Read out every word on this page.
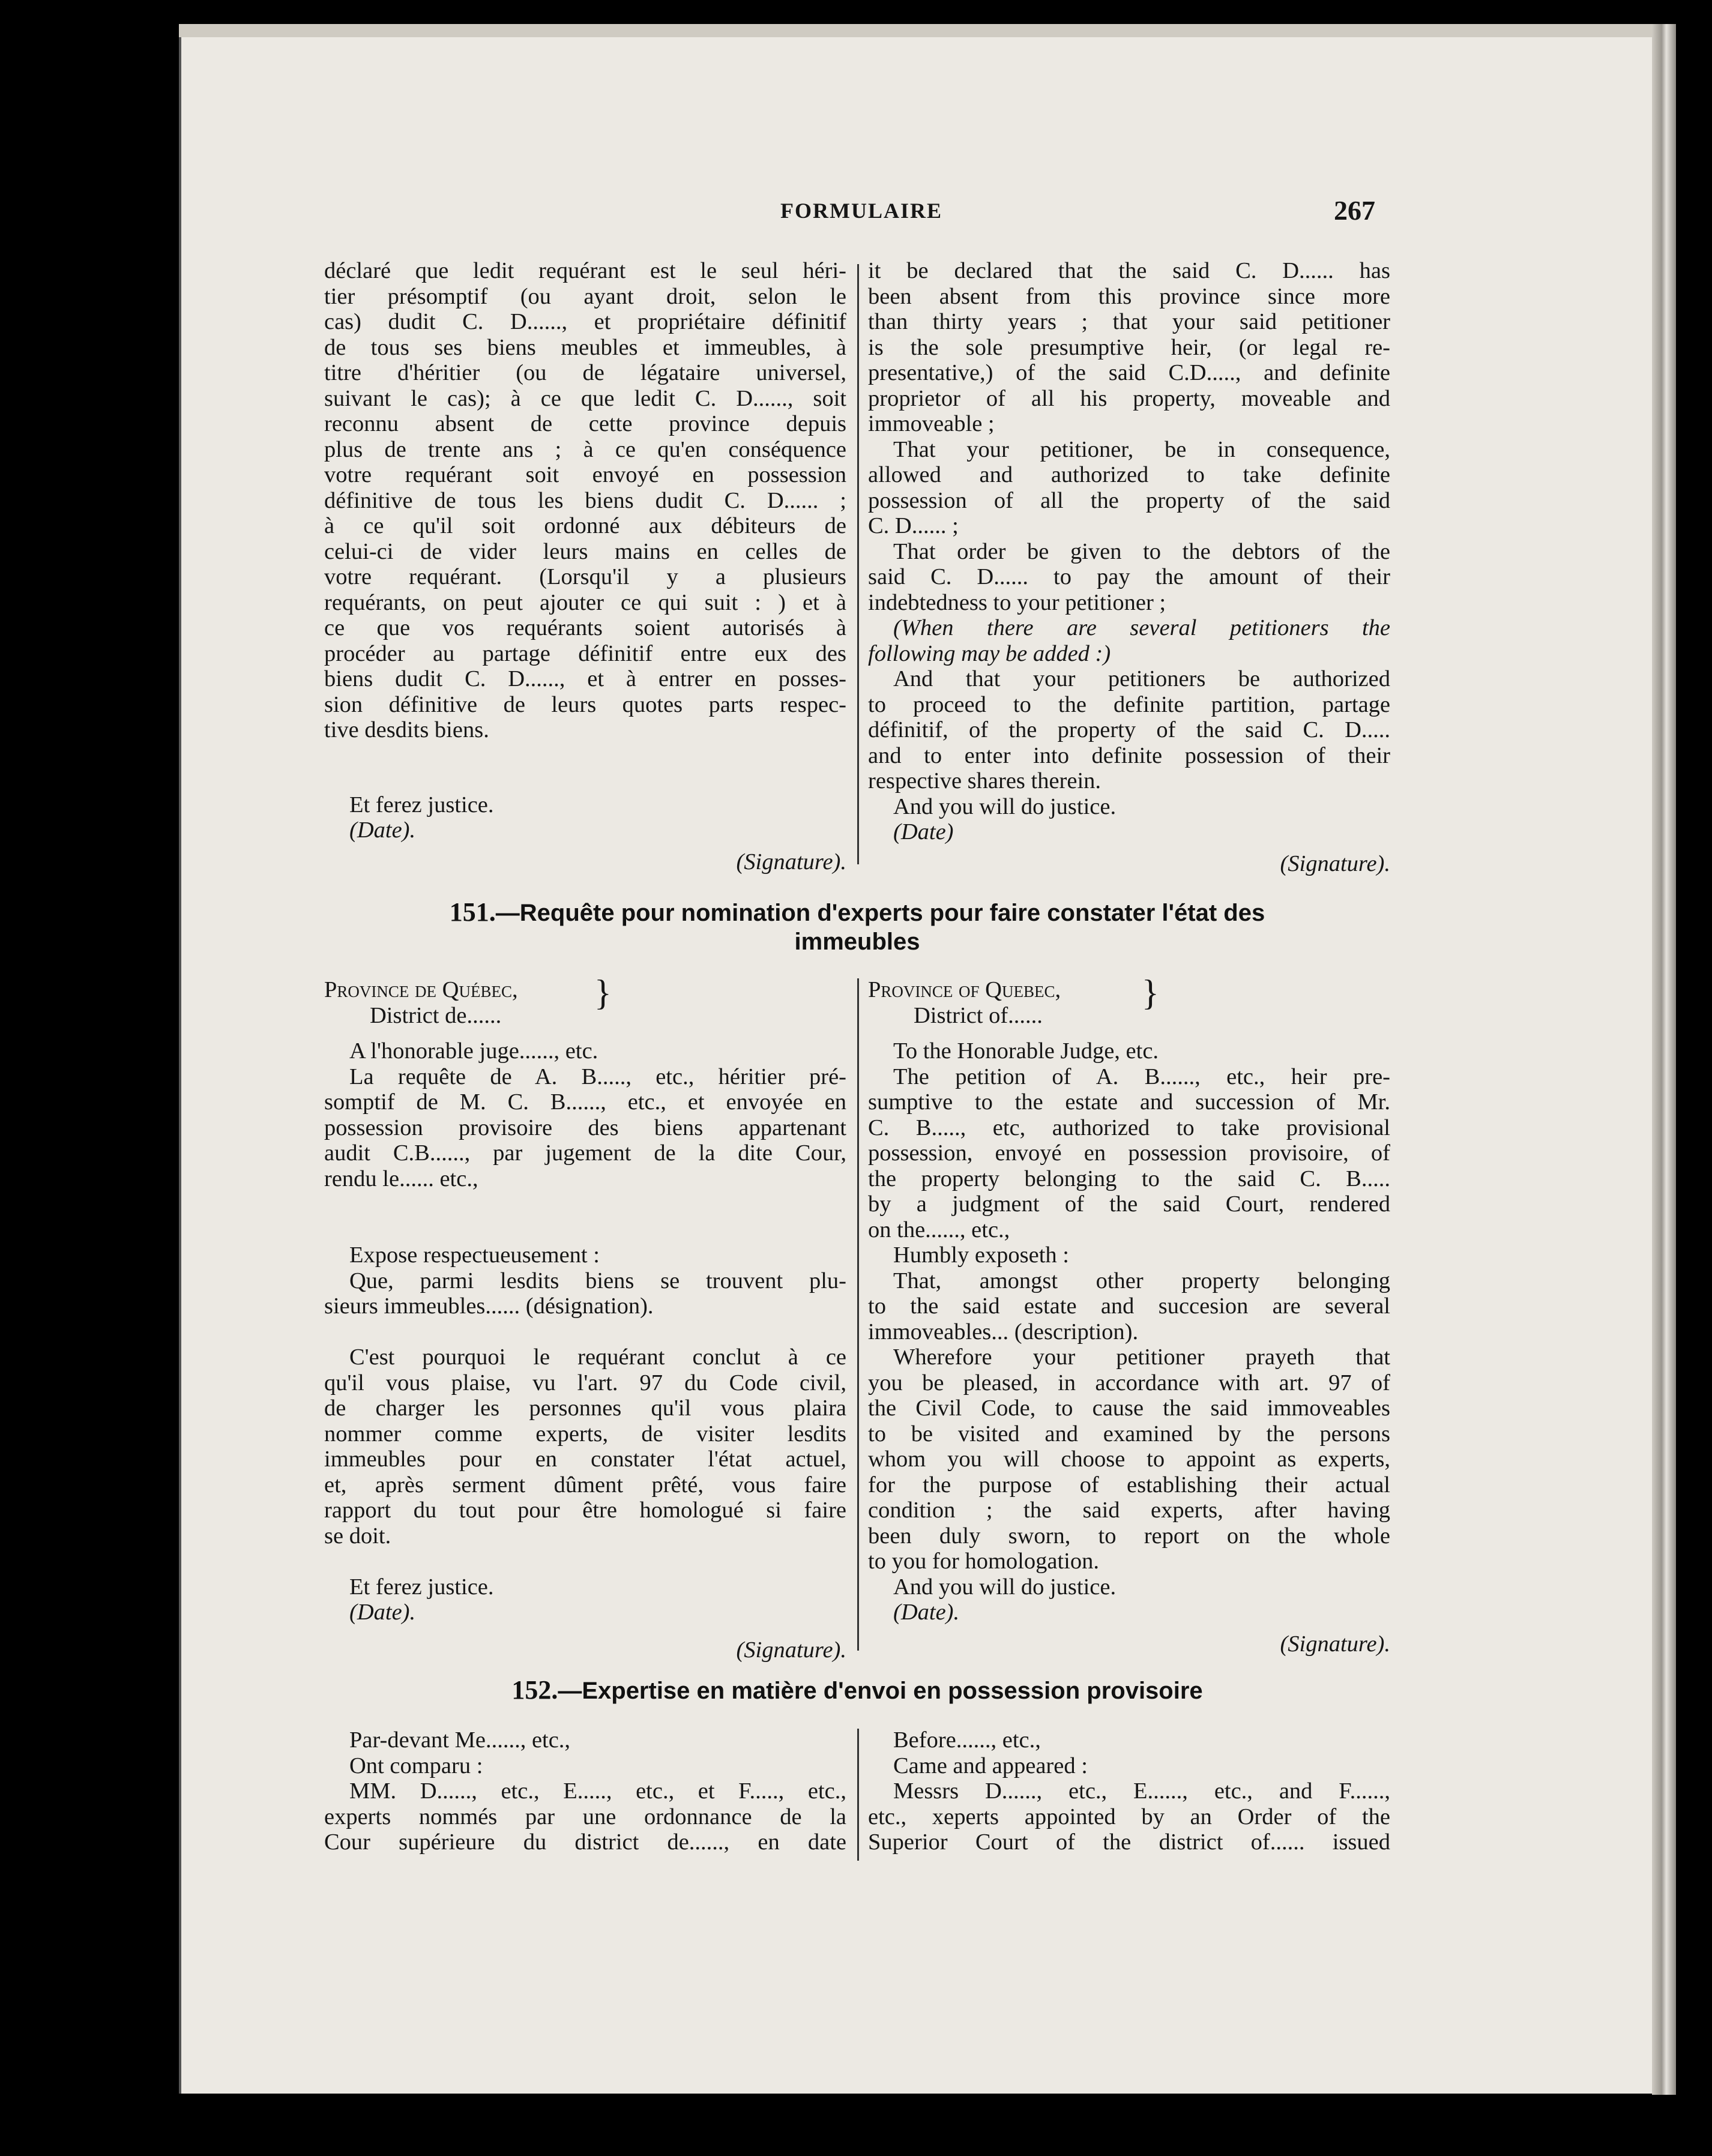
FORMULAIRE	267

déclaré que ledit requérant est le seul héri-

tier présomptif (ou ayant droit, selon le

cas) dudit C. D......, et propriétaire définitif

de tous ses biens meubles et immeubles, à

titre d'héritier (ou de légataire universel,

suivant le cas); à ce que ledit C. D......, soit

reconnu absent de cette province depuis

plus de trente ans ; à ce qu'en conséquence

votre requérant soit envoyé en possession

définitive de tous les biens dudit C. D...... ;

à ce qu'il soit ordonné aux débiteurs de

celui-ci de vider leurs mains en celles de

votre requérant. (Lorsqu'il y a plusieurs

requérants, on peut ajouter ce qui suit : ) et à

ce que vos requérants soient autorisés à

procéder au partage définitif entre eux des

biens dudit C. D......, et à entrer en posses-

sion définitive de leurs quotes parts respec-

tive desdits biens.

Et ferez justice.

(Date).

(Signature).

it be declared that the said C. D...... has

been absent from this province since more

than thirty years ; that your said petitioner

is the sole presumptive heir, (or legal re-

presentative,) of the said C.D....., and definite

proprietor of all his property, moveable and

immoveable ;

That your petitioner, be in consequence,

allowed and authorized to take definite

possession of all the property of the said

C. D...... ;

That order be given to the debtors of the

said C. D...... to pay the amount of their

indebtedness to your petitioner ;

(When there are several petitioners the

following may be added :)

And that your petitioners be authorized

to proceed to the definite partition, partage

définitif, of the property of the said C. D.....

and to enter into definite possession of their

respective shares therein.

And you will do justice.

(Date)

(Signature).

151.—Requête pour nomination d'experts pour faire constater l'état des
immeubles

Province de Québec,

District de......

}	Province of Quebec,

District of......

}

A l'honorable juge......, etc.

La requête de A. B....., etc., héritier pré-

somptif de M. C. B......, etc., et envoyée en

possession provisoire des biens appartenant

audit C.B......, par jugement de la dite Cour,

rendu le...... etc.,

Expose respectueusement :

Que, parmi lesdits biens se trouvent plu-

sieurs immeubles...... (désignation).

C'est pourquoi le requérant conclut à ce

qu'il vous plaise, vu l'art. 97 du Code civil,

de charger les personnes qu'il vous plaira

nommer comme experts, de visiter lesdits

immeubles pour en constater l'état actuel,

et, après serment dûment prêté, vous faire

rapport du tout pour être homologué si faire

se doit.

Et ferez justice.

(Date).

(Signature).

To the Honorable Judge, etc.

The petition of A. B......, etc., heir pre-

sumptive to the estate and succession of Mr.

C. B....., etc, authorized to take provisional

possession, envoyé en possession provisoire, of

the property belonging to the said C. B.....

by a judgment of the said Court, rendered

on the......, etc.,

Humbly exposeth :

That, amongst other property belonging

to the said estate and succesion are several

immoveables... (description).

Wherefore your petitioner prayeth that

you be pleased, in accordance with art. 97 of

the Civil Code, to cause the said immoveables

to be visited and examined by the persons

whom you will choose to appoint as experts,

for the purpose of establishing their actual

condition ; the said experts, after having

been duly sworn, to report on the whole

to you for homologation.

And you will do justice.

(Date).

(Signature).

152.—Expertise en matière d'envoi en possession provisoire

Par-devant Me......, etc.,

Ont comparu :

MM. D......, etc., E....., etc., et F....., etc.,

experts nommés par une ordonnance de la

Cour supérieure du district de......, en date

Before......, etc.,

Came and appeared :

Messrs D......, etc., E......, etc., and F......,

etc., xeperts appointed by an Order of the

Superior Court of the district of...... issued
